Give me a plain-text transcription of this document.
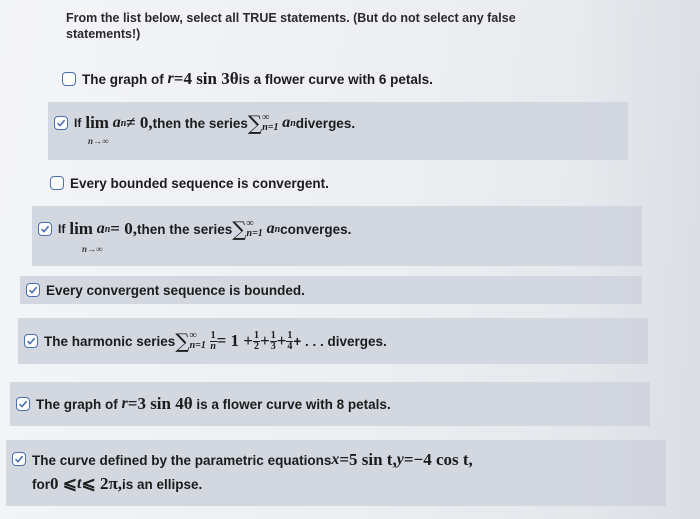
From the list below, select all TRUE statements. (But do not select any false
statements!)
The graph of
r = 4 sin 3θ is a flower curve with 6 petals.
If lim
a n ≠ 0, then the series ∑ ∞
n=1
a n diverges.
n→∞
Every bounded sequence is convergent.
If lim
a n = 0, then the series ∑ ∞
n=1
a n converges.
n→∞
Every convergent sequence is bounded.
The harmonic series ∑ ∞
n=1
$\frac{1}{n} = 1 + \frac{1}{2} + \frac{1}{3} + \frac{1}{4}$ + . . . diverges.
The graph of
r = 3 sin 4θ
is a flower curve with 8 petals.
The curve defined by the parametric equations x = 5 sin t, y = −4 cos t,
for 0 ⩽ t ⩽ 2π, is an ellipse.
